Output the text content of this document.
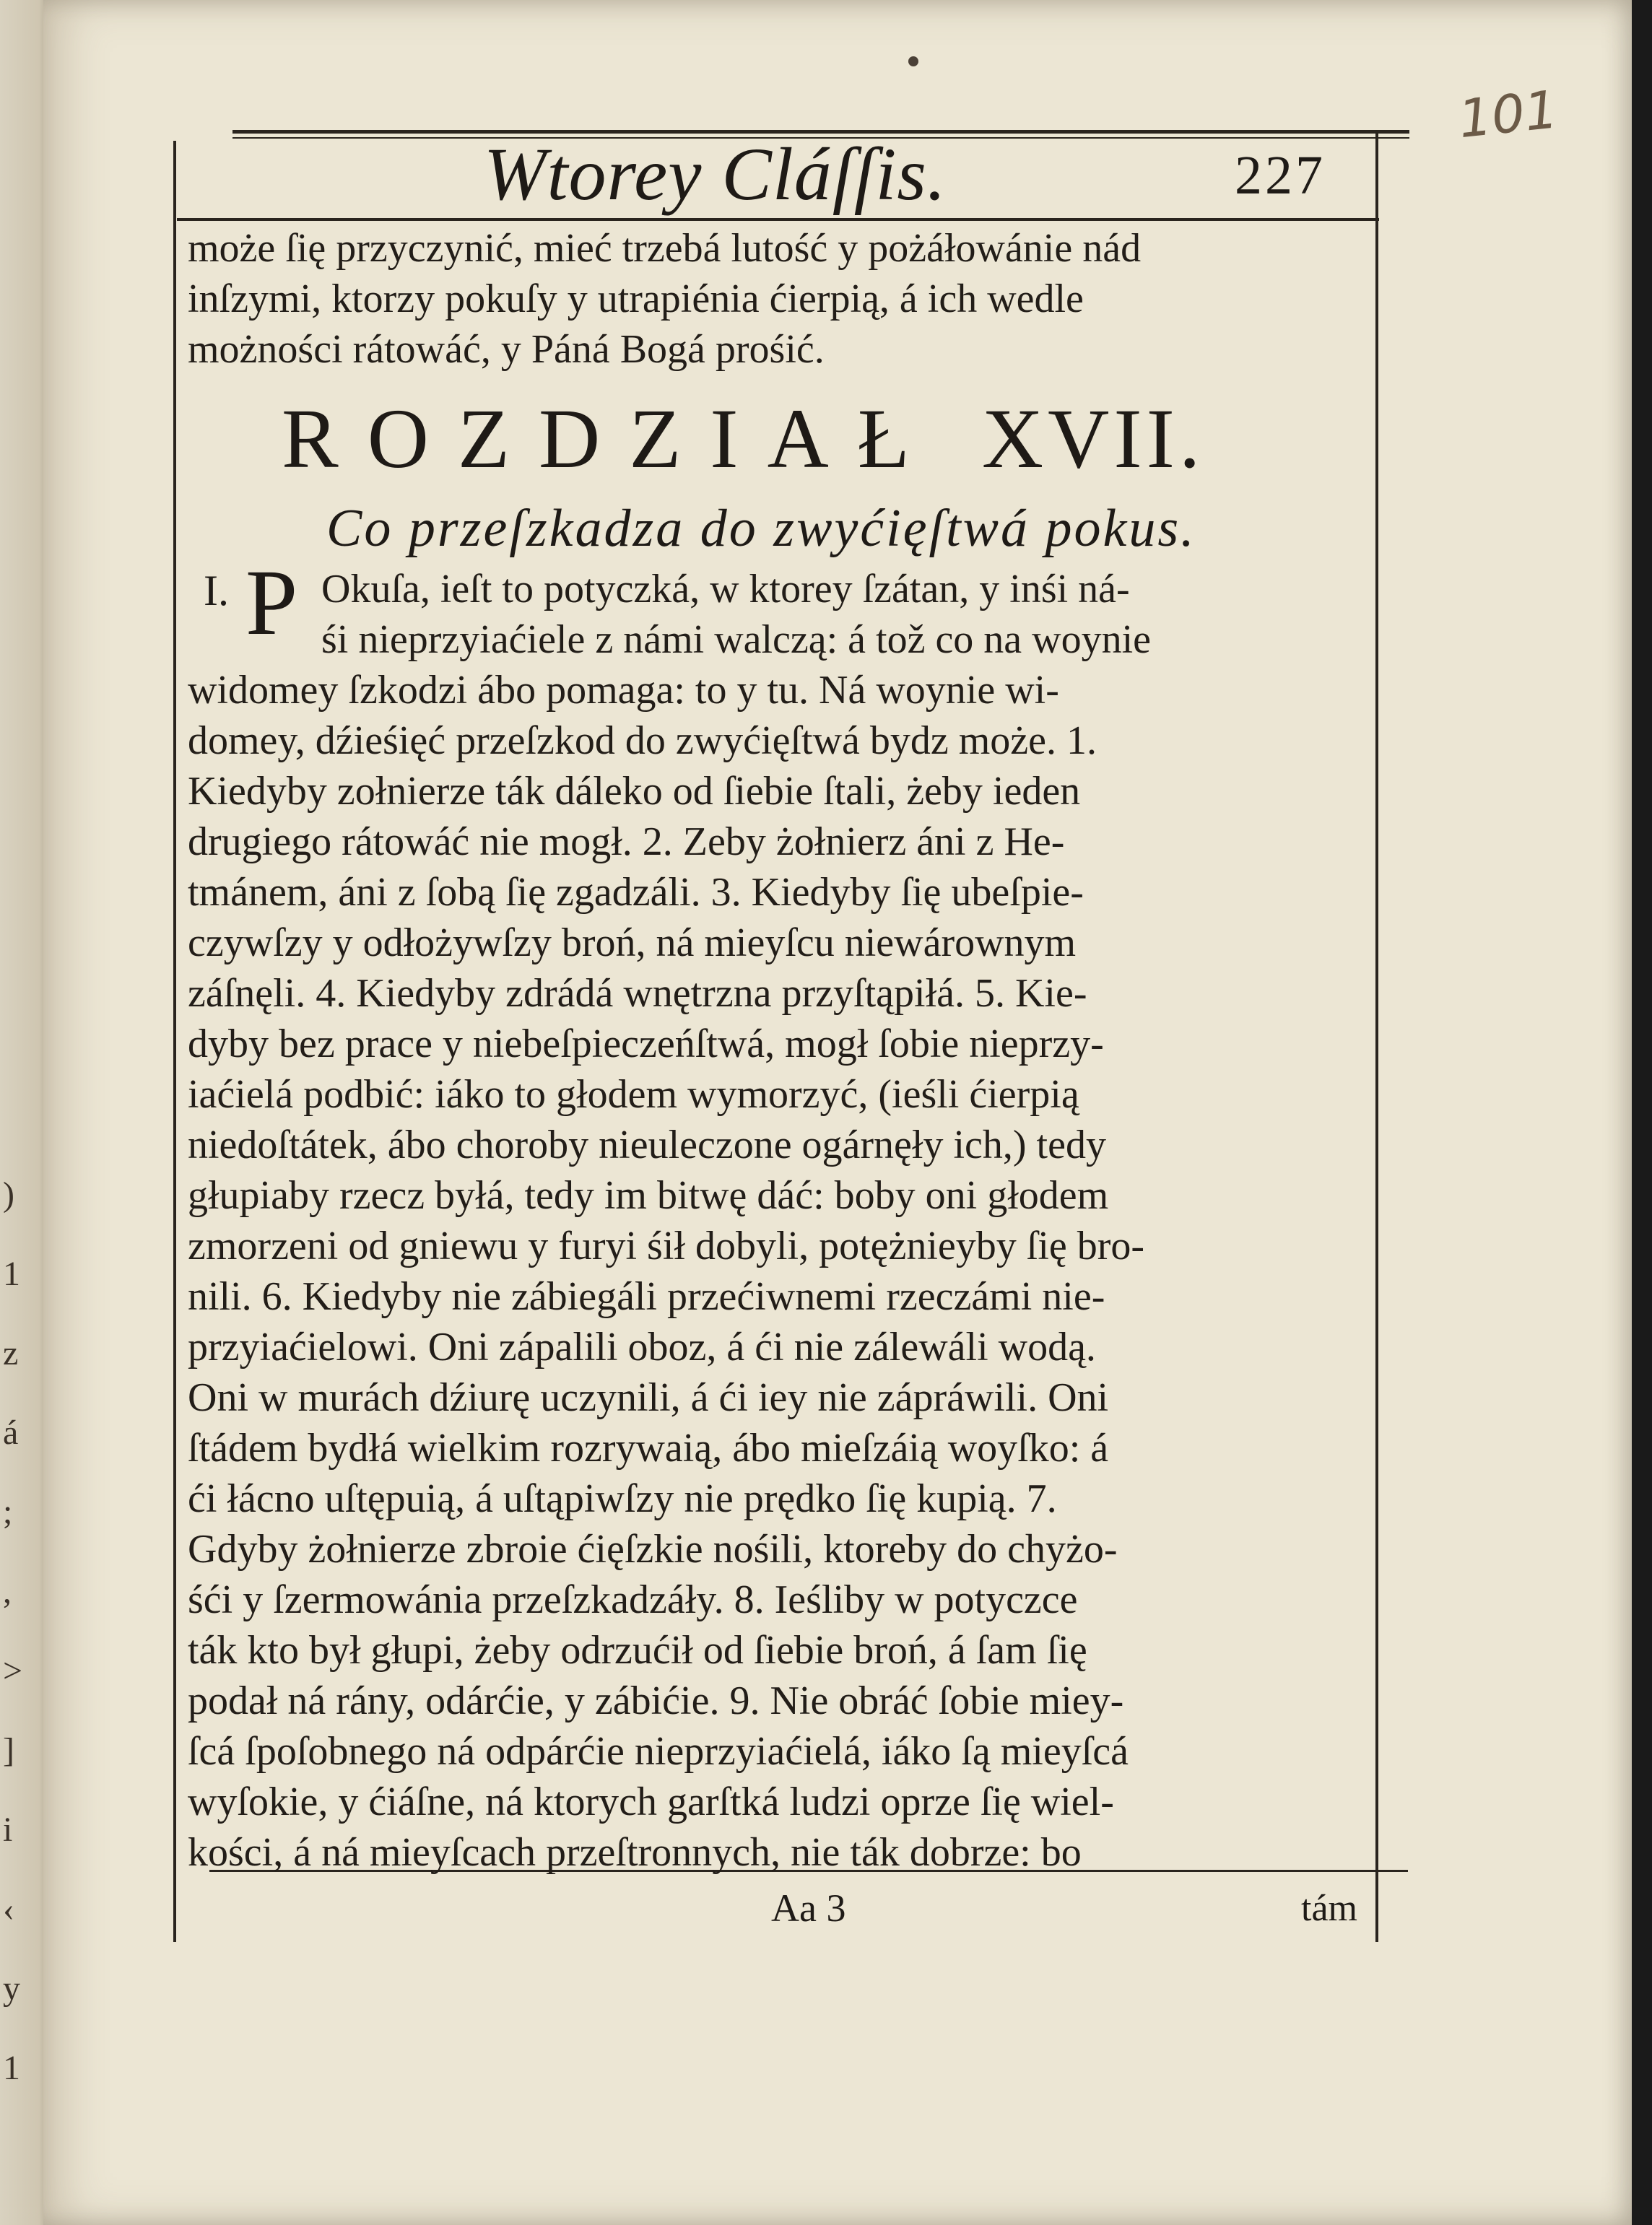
)
1
z
á
;
,
>
]
i
‹
y
1
101
Wtorey Cláſſis.	227
może ſię przyczynić, mieć trzebá lutość y pożáłowánie nád
inſzymi, ktorzy pokuſy y utrapiénia ćierpią, á ich wedle
możności rátowáć, y Páná Bogá prośić.
ROZDZIAŁ XVII.
Co przeſzkadza do zwyćięſtwá pokus.
I. P Okuſa, ieſt to potyczká, w ktorey ſzátan, y inśi ná-
śi nieprzyiaćiele z námi walczą: á tož co na woynie
widomey ſzkodzi ábo pomaga: to y tu. Ná woynie wi-
domey, dźieśięć przeſzkod do zwyćięſtwá bydz może. 1.
Kiedyby zołnierze ták dáleko od ſiebie ſtali, żeby ieden
drugiego rátowáć nie mogł. 2. Zeby żołnierz áni z He-
tmánem, áni z ſobą ſię zgadzáli. 3. Kiedyby ſię ubeſpie-
czywſzy y odłożywſzy broń, ná mieyſcu niewárownym
záſnęli. 4. Kiedyby zdrádá wnętrzna przyſtąpiłá. 5. Kie-
dyby bez prace y niebeſpieczeńſtwá, mogł ſobie nieprzy-
iaćielá podbić: iáko to głodem wymorzyć, (ieśli ćierpią
niedoſtátek, ábo choroby nieuleczone ogárnęły ich,) tedy
głupiaby rzecz byłá, tedy im bitwę dáć: boby oni głodem
zmorzeni od gniewu y furyi śił dobyli, potężnieyby ſię bro-
nili. 6. Kiedyby nie zábiegáli przećiwnemi rzeczámi nie-
przyiaćielowi. Oni zápalili oboz, á ći nie zálewáli wodą.
Oni w murách dźiurę uczynili, á ći iey nie zápráwili. Oni
ſtádem bydłá wielkim rozrywaią, ábo mieſzáią woyſko: á
ći łácno uſtępuią, á uſtąpiwſzy nie prędko ſię kupią. 7.
Gdyby żołnierze zbroie ćięſzkie nośili, ktoreby do chyżo-
śći y ſzermowánia przeſzkadzáły. 8. Ieśliby w potyczce
ták kto był głupi, żeby odrzućił od ſiebie broń, á ſam ſię
podał ná rány, odárćie, y zábićie. 9. Nie obráć ſobie miey-
ſcá ſpoſobnego ná odpárćie nieprzyiaćielá, iáko ſą mieyſcá
wyſokie, y ćiáſne, ná ktorych garſtká ludzi oprze ſię wiel-
kości, á ná mieyſcach przeſtronnych, nie ták dobrze: bo
Aa 3	tám
